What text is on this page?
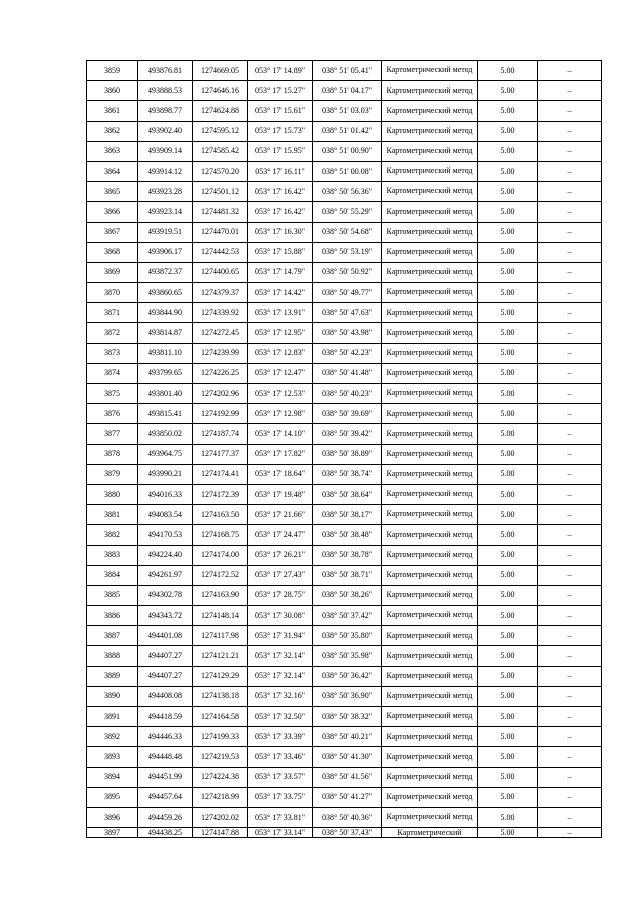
3859	493876.81	1274669.05	053° 17' 14.89"	038° 51' 05.41"	Картометрический метод	5.00	–
3860	493888.53	1274646.16	053° 17' 15.27"	038° 51' 04.17"	Картометрический метод	5.00	–
3861	493898.77	1274624.88	053° 17' 15.61"	038° 51' 03.03"	Картометрический метод	5.00	–
3862	493902.40	1274595.12	053° 17' 15.73"	038° 51' 01.42"	Картометрический метод	5.00	–
3863	493909.14	1274585.42	053° 17' 15.95"	038° 51' 00.90"	Картометрический метод	5.00	–
3864	493914.12	1274570.20	053° 17' 16.11"	038° 51' 00.08"	Картометрический метод	5.00	–
3865	493923.28	1274501.12	053° 17' 16.42"	038° 50' 56.36"	Картометрический метод	5.00	–
3866	493923.14	1274481.32	053° 17' 16.42"	038° 50' 55.29"	Картометрический метод	5.00	–
3867	493919.51	1274470.01	053° 17' 16.30"	038° 50' 54.68"	Картометрический метод	5.00	–
3868	493906.17	1274442.53	053° 17' 15.88"	038° 50' 53.19"	Картометрический метод	5.00	–
3869	493872.37	1274400.65	053° 17' 14.79"	038° 50' 50.92"	Картометрический метод	5.00	–
3870	493860.65	1274379.37	053° 17' 14.42"	038° 50' 49.77"	Картометрический метод	5.00	–
3871	493844.90	1274339.92	053° 17' 13.91"	038° 50' 47.63"	Картометрический метод	5.00	–
3872	493814.87	1274272.45	053° 17' 12.95"	038° 50' 43.98"	Картометрический метод	5.00	–
3873	493811.10	1274239.99	053° 17' 12.83"	038° 50' 42.23"	Картометрический метод	5.00	–
3874	493799.65	1274226.25	053° 17' 12.47"	038° 50' 41.48"	Картометрический метод	5.00	–
3875	493801.40	1274202.96	053° 17' 12.53"	038° 50' 40.23"	Картометрический метод	5.00	–
3876	493815.41	1274192.99	053° 17' 12.98"	038° 50' 39.69"	Картометрический метод	5.00	–
3877	493850.02	1274187.74	053° 17' 14.10"	038° 50' 39.42"	Картометрический метод	5.00	–
3878	493964.75	1274177.37	053° 17' 17.82"	038° 50' 38.89"	Картометрический метод	5.00	–
3879	493990.21	1274174.41	053° 17' 18.64"	038° 50' 38.74"	Картометрический метод	5.00	–
3880	494016.33	1274172.39	053° 17' 19.48"	038° 50' 38.64"	Картометрический метод	5.00	–
3881	494083.54	1274163.50	053° 17' 21.66"	038° 50' 38.17"	Картометрический метод	5.00	–
3882	494170.53	1274168.75	053° 17' 24.47"	038° 50' 38.48"	Картометрический метод	5.00	–
3883	494224.40	1274174.00	053° 17' 26.21"	038° 50' 38.78"	Картометрический метод	5.00	–
3884	494261.97	1274172.52	053° 17' 27.43"	038° 50' 38.71"	Картометрический метод	5.00	–
3885	494302.78	1274163.90	053° 17' 28.75"	038° 50' 38.26"	Картометрический метод	5.00	–
3886	494343.72	1274148.14	053° 17' 30.08"	038° 50' 37.42"	Картометрический метод	5.00	–
3887	494401.08	1274117.98	053° 17' 31.94"	038° 50' 35.80"	Картометрический метод	5.00	–
3888	494407.27	1274121.21	053° 17' 32.14"	038° 50' 35.98"	Картометрический метод	5.00	–
3889	494407.27	1274129.29	053° 17' 32.14"	038° 50' 36.42"	Картометрический метод	5.00	–
3890	494408.08	1274138.18	053° 17' 32.16"	038° 50' 36.90"	Картометрический метод	5.00	–
3891	494418.59	1274164.58	053° 17' 32.50"	038° 50' 38.32"	Картометрический метод	5.00	–
3892	494446.33	1274199.33	053° 17' 33.39"	038° 50' 40.21"	Картометрический метод	5.00	–
3893	494448.48	1274219.53	053° 17' 33.46"	038° 50' 41.30"	Картометрический метод	5.00	–
3894	494451.99	1274224.38	053° 17' 33.57"	038° 50' 41.56"	Картометрический метод	5.00	–
3895	494457.64	1274218.99	053° 17' 33.75"	038° 50' 41.27"	Картометрический метод	5.00	–
3896	494459.26	1274202.02	053° 17' 33.81"	038° 50' 40.36"	Картометрический метод	5.00	–
3897	494438.25	1274147.88	053° 17' 33.14"	038° 50' 37.43"	Картометрический	5.00	–
